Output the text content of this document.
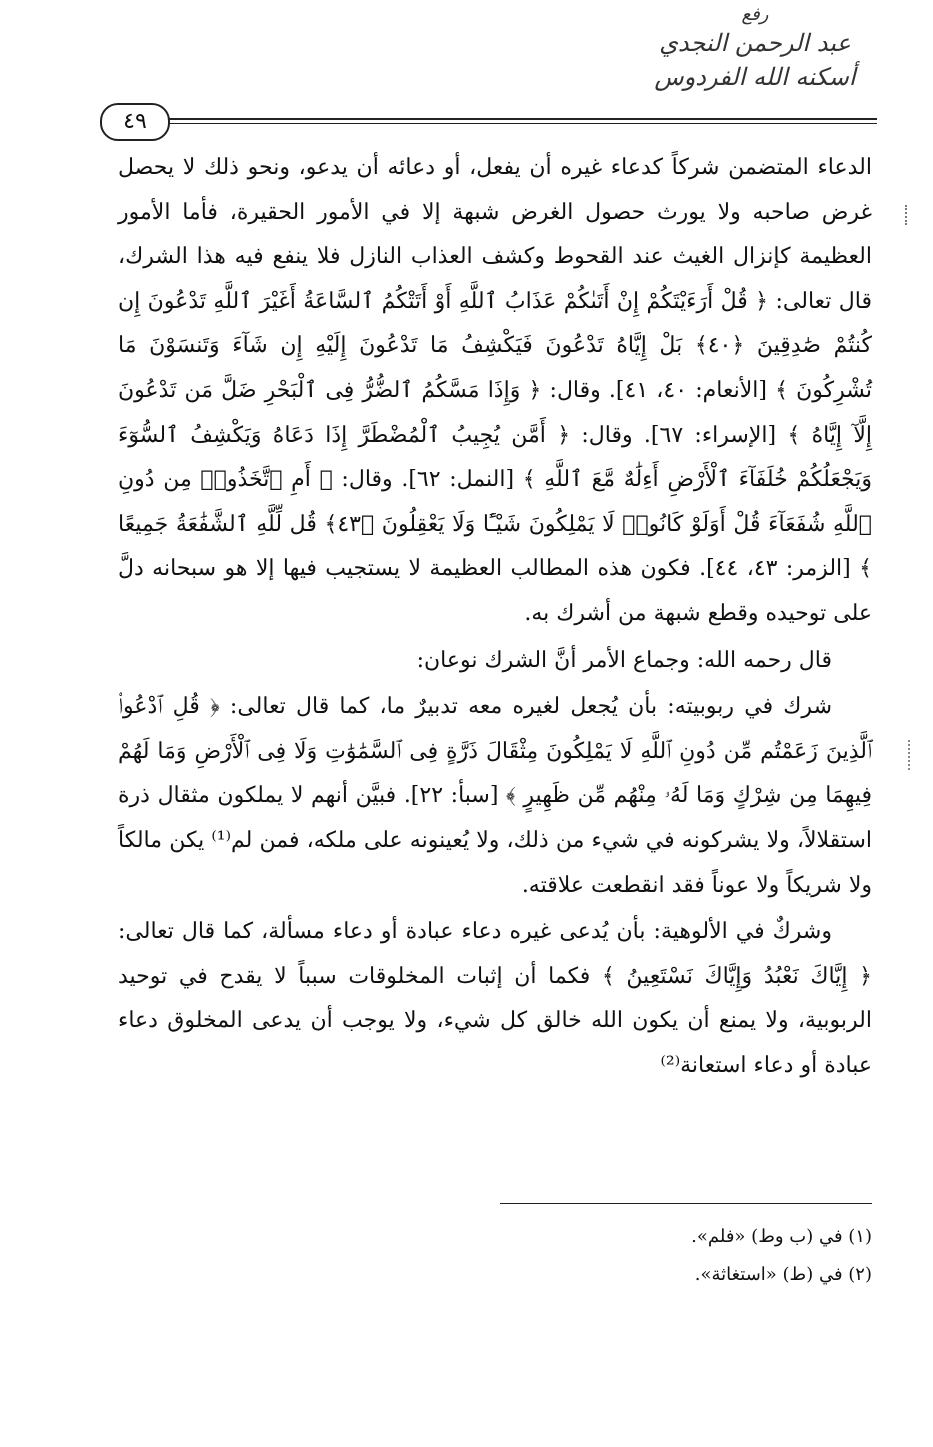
رفع
عبد الرحمن النجدي
أسكنه الله الفردوس
٤٩

الدعاء المتضمن شركاً كدعاء غيره أن يفعل، أو دعائه أن يدعو، ونحو ذلك لا يحصل غرض صاحبه ولا يورث حصول الغرض شبهة إلا في الأمور الحقيرة، فأما الأمور العظيمة كإنزال الغيث عند القحوط وكشف العذاب النازل فلا ينفع فيه هذا الشرك، قال تعالى: ﴿ قُلْ أَرَءَيْتَكُمْ إِنْ أَتَىٰكُمْ عَذَابُ ٱللَّهِ أَوْ أَتَتْكُمُ ٱلسَّاعَةُ أَغَيْرَ ٱللَّهِ تَدْعُونَ إِن كُنتُمْ صَٰدِقِينَ ﴿٤٠﴾ بَلْ إِيَّاهُ تَدْعُونَ فَيَكْشِفُ مَا تَدْعُونَ إِلَيْهِ إِن شَآءَ وَتَنسَوْنَ مَا تُشْرِكُونَ ﴾ [الأنعام: ٤٠، ٤١]. وقال: ﴿ وَإِذَا مَسَّكُمُ ٱلضُّرُّ فِى ٱلْبَحْرِ ضَلَّ مَن تَدْعُونَ إِلَّآ إِيَّاهُ ﴾ [الإسراء: ٦٧]. وقال: ﴿ أَمَّن يُجِيبُ ٱلْمُضْطَرَّ إِذَا دَعَاهُ وَيَكْشِفُ ٱلسُّوٓءَ وَيَجْعَلُكُمْ خُلَفَآءَ ٱلْأَرْضِ أَءِلَٰهٌ مَّعَ ٱللَّهِ ﴾ [النمل: ٦٢]. وقال: ﴿ أَمِ ٱتَّخَذُوا۟ مِن دُونِ ٱللَّهِ شُفَعَآءَ قُلْ أَوَلَوْ كَانُوا۟ لَا يَمْلِكُونَ شَيْـًٔا وَلَا يَعْقِلُونَ ﴿٤٣﴾ قُل لِّلَّهِ ٱلشَّفَٰعَةُ جَمِيعًا ﴾ [الزمر: ٤٣، ٤٤]. فكون هذه المطالب العظيمة لا يستجيب فيها إلا هو سبحانه دلَّ على توحيده وقطع شبهة من أشرك به.

قال رحمه الله: وجماع الأمر أنَّ الشرك نوعان:

شرك في ربوبيته: بأن يُجعل لغيره معه تدبيرٌ ما، كما قال تعالى: ﴿ قُلِ ٱدْعُوا۟ ٱلَّذِينَ زَعَمْتُم مِّن دُونِ ٱللَّهِ لَا يَمْلِكُونَ مِثْقَالَ ذَرَّةٍ فِى ٱلسَّمَٰوَٰتِ وَلَا فِى ٱلْأَرْضِ وَمَا لَهُمْ فِيهِمَا مِن شِرْكٍ وَمَا لَهُۥ مِنْهُم مِّن ظَهِيرٍ ﴾ [سبأ: ٢٢]. فبيَّن أنهم لا يملكون مثقال ذرة استقلالاً، ولا يشركونه في شيء من ذلك، ولا يُعينونه على ملكه، فمن لم⁽¹⁾ يكن مالكاً ولا شريكاً ولا عوناً فقد انقطعت علاقته.

وشركٌ في الألوهية: بأن يُدعى غيره دعاء عبادة أو دعاء مسألة، كما قال تعالى: ﴿ إِيَّاكَ نَعْبُدُ وَإِيَّاكَ نَسْتَعِينُ ﴾ فكما أن إثبات المخلوقات سبباً لا يقدح في توحيد الربوبية، ولا يمنع أن يكون الله خالق كل شيء، ولا يوجب أن يدعى المخلوق دعاء عبادة أو دعاء استعانة⁽²⁾

(١) في (ب وط) «فلم».

(٢) في (ط) «استغاثة».
